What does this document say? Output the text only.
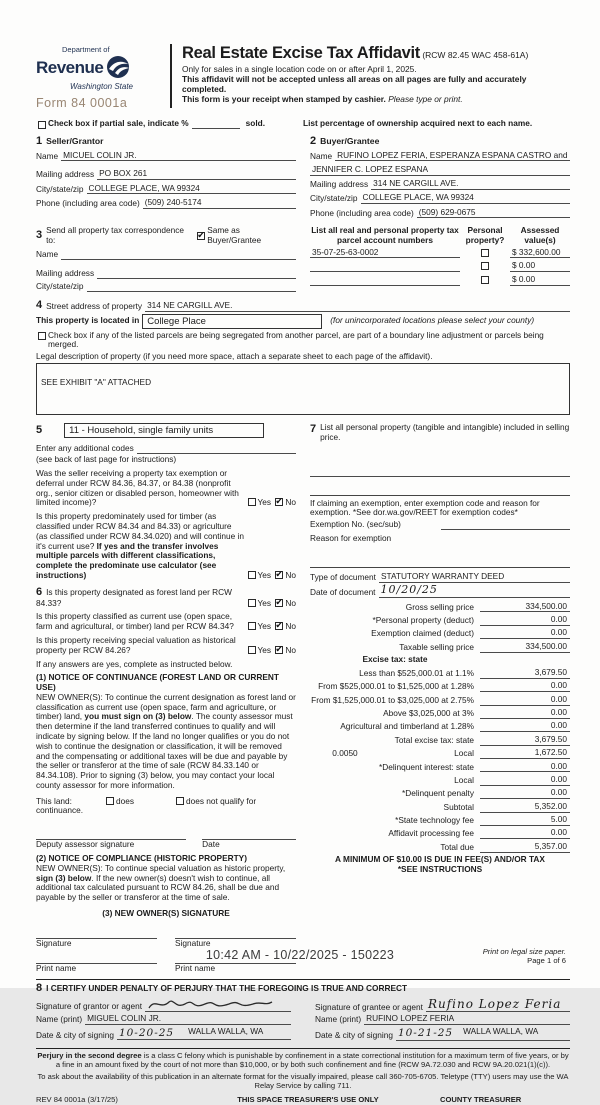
Department of
Revenue
Washington State
Form 84 0001a
Real Estate Excise Tax Affidavit (RCW 82.45 WAC 458-61A)
Only for sales in a single location code on or after April 1, 2025.
This affidavit will not be accepted unless all areas on all pages are fully and accurately completed.
This form is your receipt when stamped by cashier. Please type or print.
Check box if partial sale, indicate %	sold.	List percentage of ownership acquired next to each name.
1 Seller/Grantor
Name MICUEL COLIN JR.
Mailing address PO BOX 261
City/state/zip COLLEGE PLACE, WA 99324
Phone (including area code) (509) 240-5174
2 Buyer/Grantee
Name RUFINO LOPEZ FERIA, ESPERANZA ESPANA CASTRO and
JENNIFER C. LOPEZ ESPANA
Mailing address 314 NE CARGILL AVE.
City/state/zip COLLEGE PLACE, WA 99324
Phone (including area code) (509) 629-0675
3 Send all property tax correspondence to:
✔
Same as Buyer/Grantee
Name
Mailing address
City/state/zip
List all real and personal property tax
parcel account numbers
Personal
property?
Assessed
value(s)
35-07-25-63-0002	$ 332,600.00
$ 0.00
$ 0.00
4 Street address of property 314 NE CARGILL AVE.
This property is located in College Place	(for unincorporated locations please select your county)
Check box if any of the listed parcels are being segregated from another parcel, are part of a boundary line adjustment or parcels being merged.
Legal description of property (if you need more space, attach a separate sheet to each page of the affidavit).
SEE EXHIBIT "A" ATTACHED
5	11 - Household, single family units
Enter any additional codes
(see back of last page for instructions)
Was the seller receiving a property tax exemption or deferral under RCW 84.36, 84.37, or 84.38 (nonprofit org., senior citizen or disabled person, homeowner with limited income)?	Yes ✔ No
Is this property predominately used for timber (as classified under RCW 84.34 and 84.33) or agriculture (as classified under RCW 84.34.020) and will continue in it's current use? If yes and the transfer involves multiple parcels with different classifications, complete the predominate use calculator (see instructions)	Yes ✔ No
6 Is this property designated as forest land per RCW 84.33?	Yes ✔ No
Is this property classified as current use (open space, farm and agricultural, or timber) land per RCW 84.34?	Yes ✔ No
Is this property receiving special valuation as historical property per RCW 84.26?	Yes ✔ No
If any answers are yes, complete as instructed below.
(1) NOTICE OF CONTINUANCE (FOREST LAND OR CURRENT USE)
NEW OWNER(S): To continue the current designation as forest land or classification as current use (open space, farm and agriculture, or timber) land, you must sign on (3) below. The county assessor must then determine if the land transferred continues to qualify and will indicate by signing below. If the land no longer qualifies or you do not wish to continue the designation or classification, it will be removed and the compensating or additional taxes will be due and payable by the seller or transferor at the time of sale (RCW 84.33.140 or 84.34.108). Prior to signing (3) below, you may contact your local county assessor for more information.
This land:	does	does not qualify for
continuance.
Deputy assessor signature	Date
(2) NOTICE OF COMPLIANCE (HISTORIC PROPERTY)
NEW OWNER(S): To continue special valuation as historic property, sign (3) below. If the new owner(s) doesn't wish to continue, all additional tax calculated pursuant to RCW 84.26, shall be due and payable by the seller or transferor at the time of sale.
(3) NEW OWNER(S) SIGNATURE
Signature	Signature
Print name	Print name
7 List all personal property (tangible and intangible) included in selling price.
If claiming an exemption, enter exemption code and reason for exemption. *See dor.wa.gov/REET for exemption codes*
Exemption No. (sec/sub)
Reason for exemption
Type of document STATUTORY WARRANTY DEED
Date of document 10/20/25
Gross selling price	334,500.00
*Personal property (deduct)	0.00
Exemption claimed (deduct)	0.00
Taxable selling price	334,500.00
Excise tax: state
Less than $525,000.01 at 1.1%	3,679.50
From $525,000.01 to $1,525,000 at 1.28%	0.00
From $1,525,000.01 to $3,025,000 at 2.75%	0.00
Above $3,025,000 at 3%	0.00
Agricultural and timberland at 1.28%	0.00
Total excise tax: state	3,679.50
0.0050	Local	1,672.50
*Delinquent interest: state	0.00
Local	0.00
*Delinquent penalty	0.00
Subtotal	5,352.00
*State technology fee	5.00
Affidavit processing fee	0.00
Total due	5,357.00
A MINIMUM OF $10.00 IS DUE IN FEE(S) AND/OR TAX
*SEE INSTRUCTIONS
8 I CERTIFY UNDER PENALTY OF PERJURY THAT THE FOREGOING IS TRUE AND CORRECT
Signature of grantor or agent
Name (print) MIGUEL COLIN JR.
Date & city of signing 10-20-25 WALLA WALLA, WA
Signature of grantee or agent Rufino Lopez Feria
Name (print) RUFINO LOPEZ FERIA
Date & city of signing 10-21-25 WALLA WALLA, WA

Perjury in the second degree is a class C felony which is punishable by confinement in a state correctional institution for a maximum term of five years, or by a fine in an amount fixed by the court of not more than $10,000, or by both such confinement and fine (RCW 9A.72.030 and RCW 9A.20.021(1)(c)).

To ask about the availability of this publication in an alternate format for the visually impaired, please call 360-705-6705. Teletype (TTY) users may use the WA Relay Service by calling 711.

REV 84 0001a (3/17/25)	THIS SPACE TREASURER'S USE ONLY	COUNTY TREASURER
10:42 AM - 10/22/2025 - 150223	Print on legal size paper.
Page 1 of 6
